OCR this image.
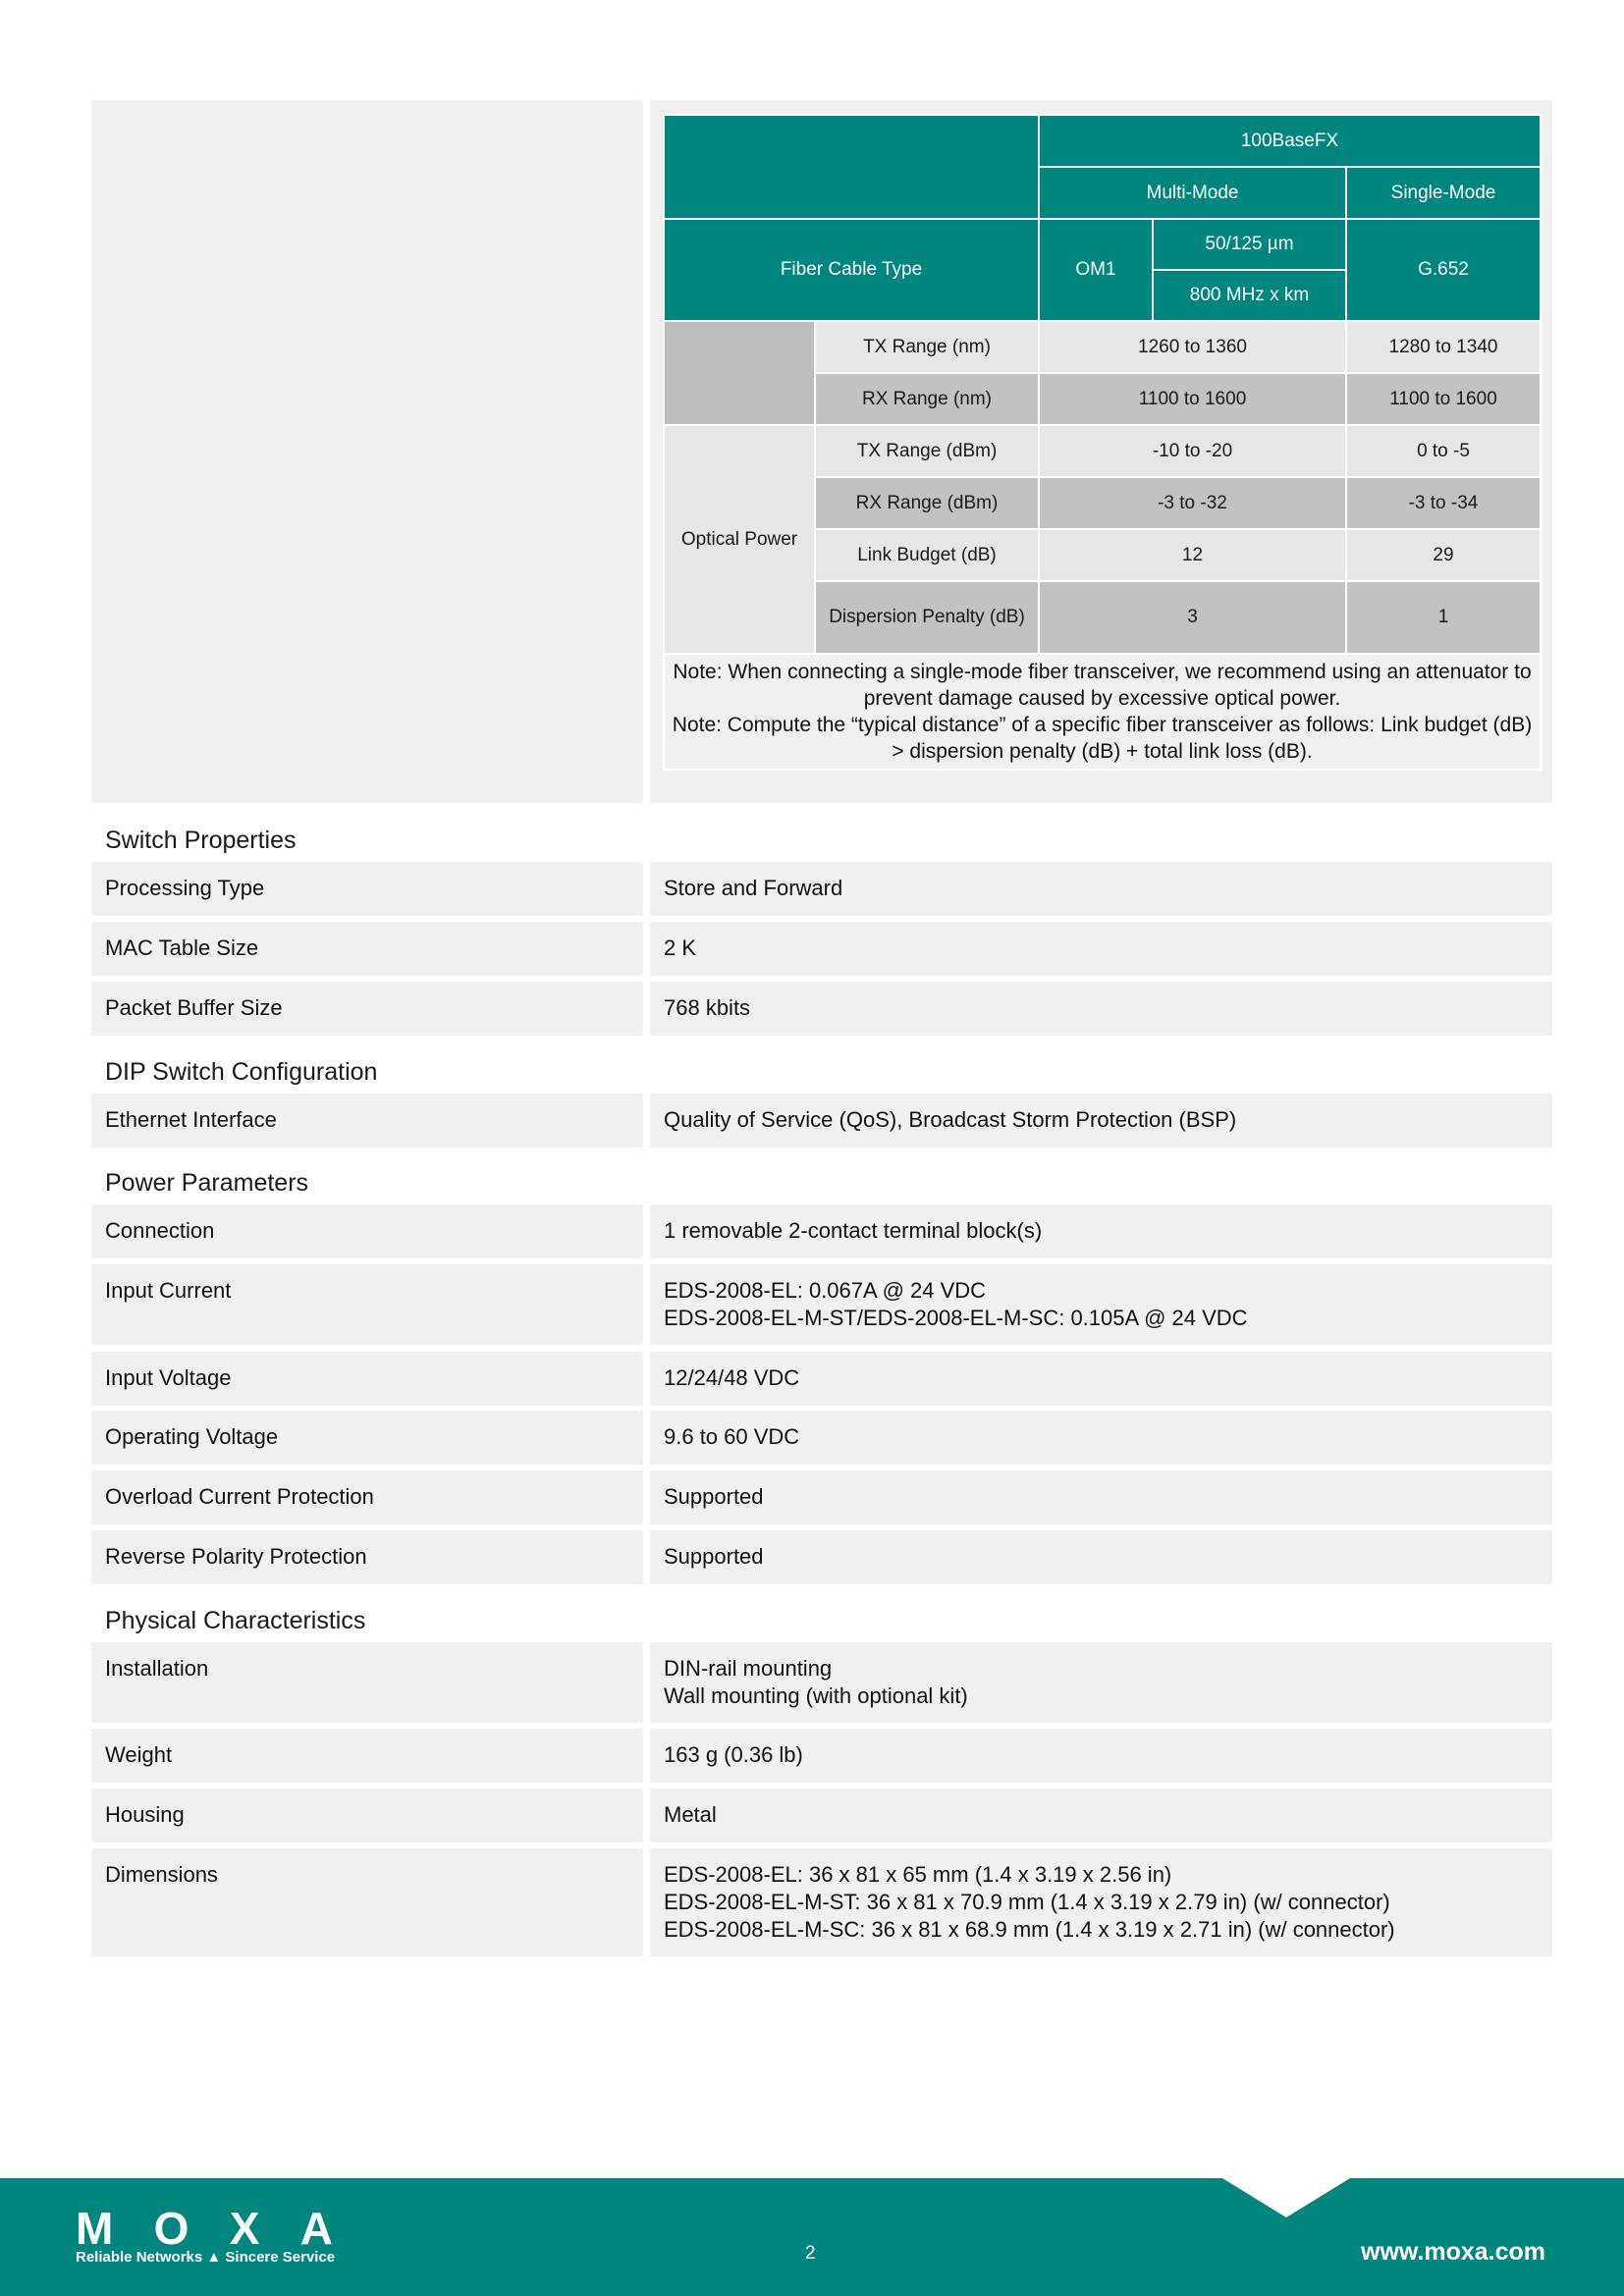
		100BaseFX		
		Multi-Mode		Single-Mode
Fiber Cable Type		OM1	50/125 µm	G.652
			800 MHz x km	
	TX Range (nm)	1260 to 1360		1280 to 1340
	RX Range (nm)	1100 to 1600		1100 to 1600
Optical Power	TX Range (dBm)	-10 to -20		0 to -5
	RX Range (dBm)	-3 to -32		-3 to -34
	Link Budget (dB)	12		29
	Dispersion Penalty (dB)	3		1

Note: When connecting a single-mode fiber transceiver, we recommend using an attenuator to prevent damage caused by excessive optical power.
Note: Compute the “typical distance” of a specific fiber transceiver as follows: Link budget (dB) > dispersion penalty (dB) + total link loss (dB).				
Switch Properties
Processing Type	Store and Forward
MAC Table Size	2 K
Packet Buffer Size	768 kbits
DIP Switch Configuration
Ethernet Interface	Quality of Service (QoS), Broadcast Storm Protection (BSP)
Power Parameters
Connection	1 removable 2-contact terminal block(s)
Input Current	EDS-2008-EL: 0.067A @ 24 VDC
EDS-2008-EL-M-ST/EDS-2008-EL-M-SC: 0.105A @ 24 VDC
Input Voltage	12/24/48 VDC
Operating Voltage	9.6 to 60 VDC
Overload Current Protection	Supported
Reverse Polarity Protection	Supported
Physical Characteristics
Installation	DIN-rail mounting
Wall mounting (with optional kit)
Weight	163 g (0.36 lb)
Housing	Metal
Dimensions	EDS-2008-EL: 36 x 81 x 65 mm (1.4 x 3.19 x 2.56 in)
EDS-2008-EL-M-ST: 36 x 81 x 70.9 mm (1.4 x 3.19 x 2.79 in) (w/ connector)
EDS-2008-EL-M-SC: 36 x 81 x 68.9 mm (1.4 x 3.19 x 2.71 in) (w/ connector)
MOXA
Reliable Networks ▲ Sincere Service	2	www.moxa.com
